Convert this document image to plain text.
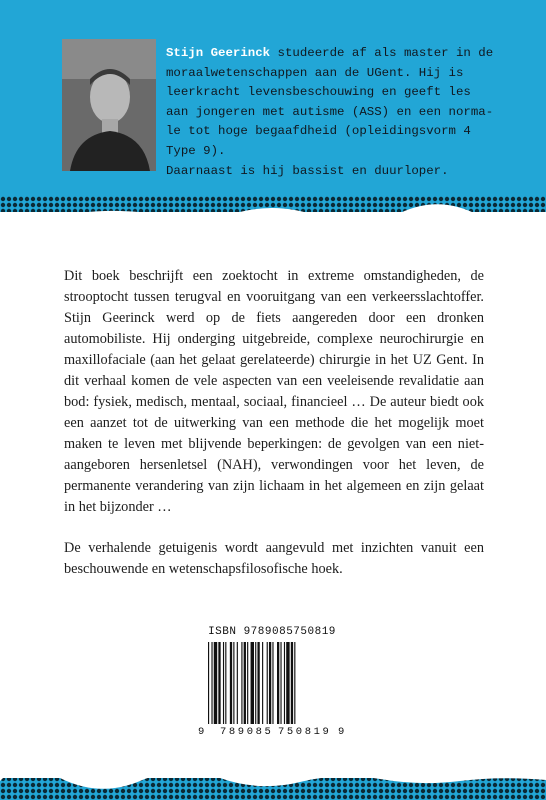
Stijn Geerinck studeerde af als master in de

moraalwetenschappen aan de UGent. Hij is

leerkracht levensbeschouwing en geeft les

aan jongeren met autisme (ASS) en een norma-

le tot hoge begaafdheid (opleidingsvorm 4

Type 9).

Daarnaast is hij bassist en duurloper.

Dit boek beschrijft een zoektocht in extreme omstandigheden, de strooptocht tussen terugval en vooruitgang van een verkeersslachtoffer. Stijn Geerinck werd op de fiets aangereden door een dronken automobiliste. Hij onderging uitgebreide, complexe neurochirurgie en maxillofaciale (aan het gelaat gerelateerde) chirurgie in het UZ Gent. In dit verhaal komen de vele aspecten van een veeleisende revalidatie aan bod: fysiek, medisch, mentaal, sociaal, financieel … De auteur biedt ook een aanzet tot de uitwerking van een methode die het mogelijk moet maken te leven met blijvende beperkingen: de gevolgen van een niet-aangeboren hersenletsel (NAH), verwondingen voor het leven, de permanente verandering van zijn lichaam in het algemeen en zijn gelaat in het bijzonder …

De verhalende getuigenis wordt aangevuld met inzichten vanuit een beschouwende en wetenschapsfilosofische hoek.

ISBN 9789085750819
9 789085 750819 9
